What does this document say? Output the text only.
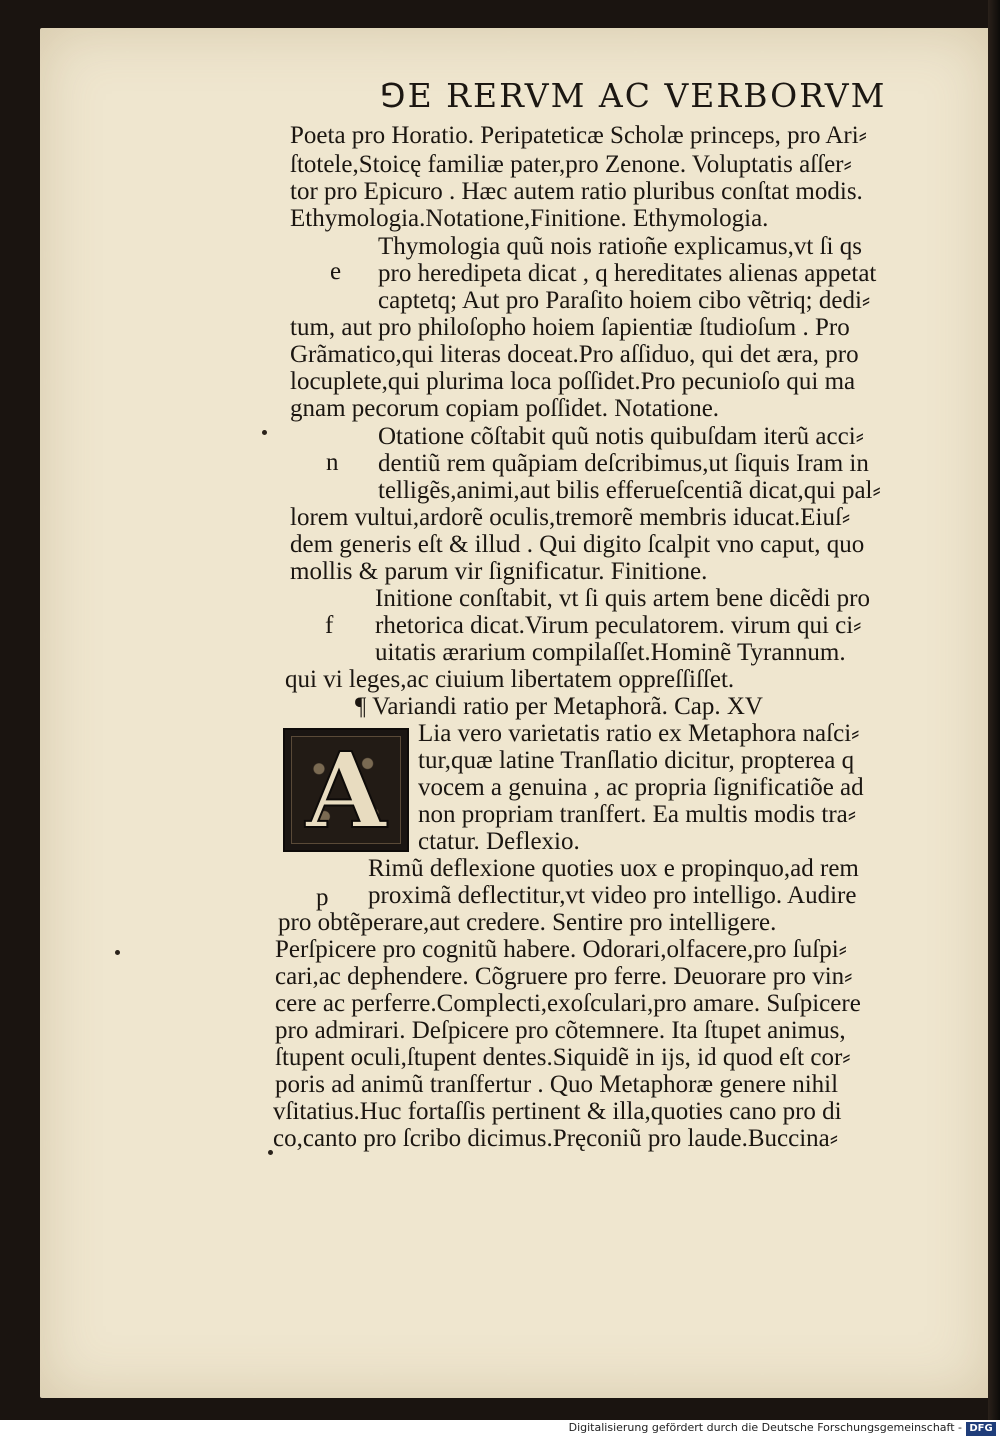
⅁E RERVM AC VERBORVM
Poeta pro Horatio. Peripateticæ Scholæ princeps, pro Ari⸗
ſtotele,Stoicę familiæ pater,pro Zenone. Voluptatis aſſer⸗
tor pro Epicuro . Hæc autem ratio pluribus conſtat modis.
Ethymologia.Notatione,Finitione. Ethymologia.
Thymologia quũ nois ratioñe explicamus,vt ſi qs
pro heredipeta dicat , q hereditates alienas appetat
captetq; Aut pro Paraſito hoiem cibo vẽtriq; dedi⸗
tum, aut pro philoſopho hoiem ſapientiæ ſtudioſum . Pro
Grãmatico,qui literas doceat.Pro aſſiduo, qui det æra, pro
locuplete,qui plurima loca poſſidet.Pro pecunioſo qui ma
gnam pecorum copiam poſſidet. Notatione.
Otatione cõſtabit quũ notis quibuſdam iterũ acci⸗
dentiũ rem quãpiam deſcribimus,ut ſiquis Iram in
telligẽs,animi,aut bilis efferueſcentiã dicat,qui pal⸗
lorem vultui,ardorẽ oculis,tremorẽ membris iducat.Eiuſ⸗
dem generis eſt & illud . Qui digito ſcalpit vno caput, quo
mollis & parum vir ſignificatur. Finitione.
Initione conſtabit, vt ſi quis artem bene dicẽdi pro
rhetorica dicat.Virum peculatorem. virum qui ci⸗
uitatis ærarium compilaſſet.Hominẽ Tyrannum.
qui vi leges,ac ciuium libertatem oppreſſiſſet.
¶ Variandi ratio per Metaphorã. Cap. XV
Lia vero varietatis ratio ex Metaphora naſci⸗
tur,quæ latine Tranſlatio dicitur, propterea q
vocem a genuina , ac propria ſignificatiõe ad
non propriam tranſfert. Ea multis modis tra⸗
ctatur. Deflexio.
Rimũ deflexione quoties uox e propinquo,ad rem
proximã deflectitur,vt video pro intelligo. Audire
pro obtẽperare,aut credere. Sentire pro intelligere.
Perſpicere pro cognitũ habere. Odorari,olfacere,pro ſuſpi⸗
cari,ac dephendere. Cõgruere pro ferre. Deuorare pro vin⸗
cere ac perferre.Complecti,exoſculari,pro amare. Suſpicere
pro admirari. Deſpicere pro cõtemnere. Ita ſtupet animus,
ſtupent oculi,ſtupent dentes.Siquidẽ in ijs, id quod eſt cor⸗
poris ad animũ tranſfertur . Quo Metaphoræ genere nihil
vſitatius.Huc fortaſſis pertinent & illa,quoties cano pro di
co,canto pro ſcribo dicimus.Pręconiũ pro laude.Buccina⸗
e
n
f
p
A
Digitalisierung gefördert durch die Deutsche Forschungsgemeinschaft - DFG
